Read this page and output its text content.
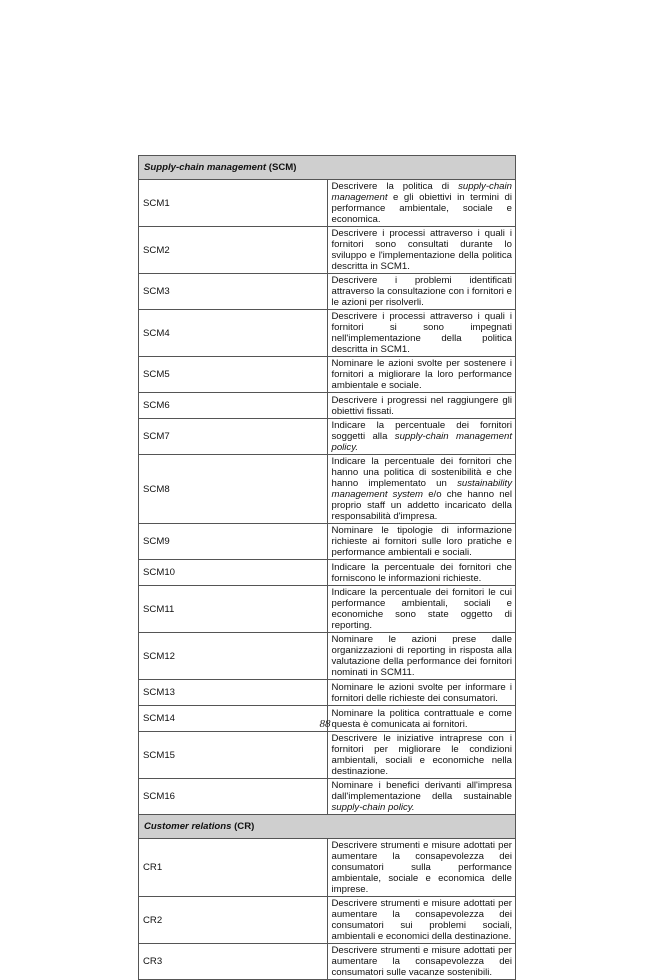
Supply-chain management (SCM)	
SCM1	Descrivere la politica di supply-chain management e gli obiettivi in termini di performance ambientale, sociale e economica.
SCM2	Descrivere i processi attraverso i quali i fornitori sono consultati durante lo sviluppo e l'implementazione della politica descritta in SCM1.
SCM3	Descrivere i problemi identificati attraverso la consultazione con i fornitori e le azioni per risolverli.
SCM4	Descrivere i processi attraverso i quali i fornitori si sono impegnati nell'implementazione della politica descritta in SCM1.
SCM5	Nominare le azioni svolte per sostenere i fornitori a migliorare la loro performance ambientale e sociale.
SCM6	Descrivere i progressi nel raggiungere gli obiettivi fissati.
SCM7	Indicare la percentuale dei fornitori soggetti alla supply-chain management policy.
SCM8	Indicare la percentuale dei fornitori che hanno una politica di sostenibilità e che hanno implementato un sustainability management system e/o che hanno nel proprio staff un addetto incaricato della responsabilità d'impresa.
SCM9	Nominare le tipologie di informazione richieste ai fornitori sulle loro pratiche e performance ambientali e sociali.
SCM10	Indicare la percentuale dei fornitori che forniscono le informazioni richieste.
SCM11	Indicare la percentuale dei fornitori le cui performance ambientali, sociali e economiche sono state oggetto di reporting.
SCM12	Nominare le azioni prese dalle organizzazioni di reporting in risposta alla valutazione della performance dei fornitori nominati in SCM11.
SCM13	Nominare le azioni svolte per informare i fornitori delle richieste dei consumatori.
SCM14	Nominare la politica contrattuale e come questa è comunicata ai fornitori.
SCM15	Descrivere le iniziative intraprese con i fornitori per migliorare le condizioni ambientali, sociali e economiche nella destinazione.
SCM16	Nominare i benefici derivanti all'impresa dall'implementazione della sustainable supply-chain policy.
Customer relations (CR)	
CR1	Descrivere strumenti e misure adottati per aumentare la consapevolezza dei consumatori sulla performance ambientale, sociale e economica delle imprese.
CR2	Descrivere strumenti e misure adottati per aumentare la consapevolezza dei consumatori sui problemi sociali, ambientali e economici della destinazione.
CR3	Descrivere strumenti e misure adottati per aumentare la consapevolezza dei consumatori sulle vacanze sostenibili.
88
